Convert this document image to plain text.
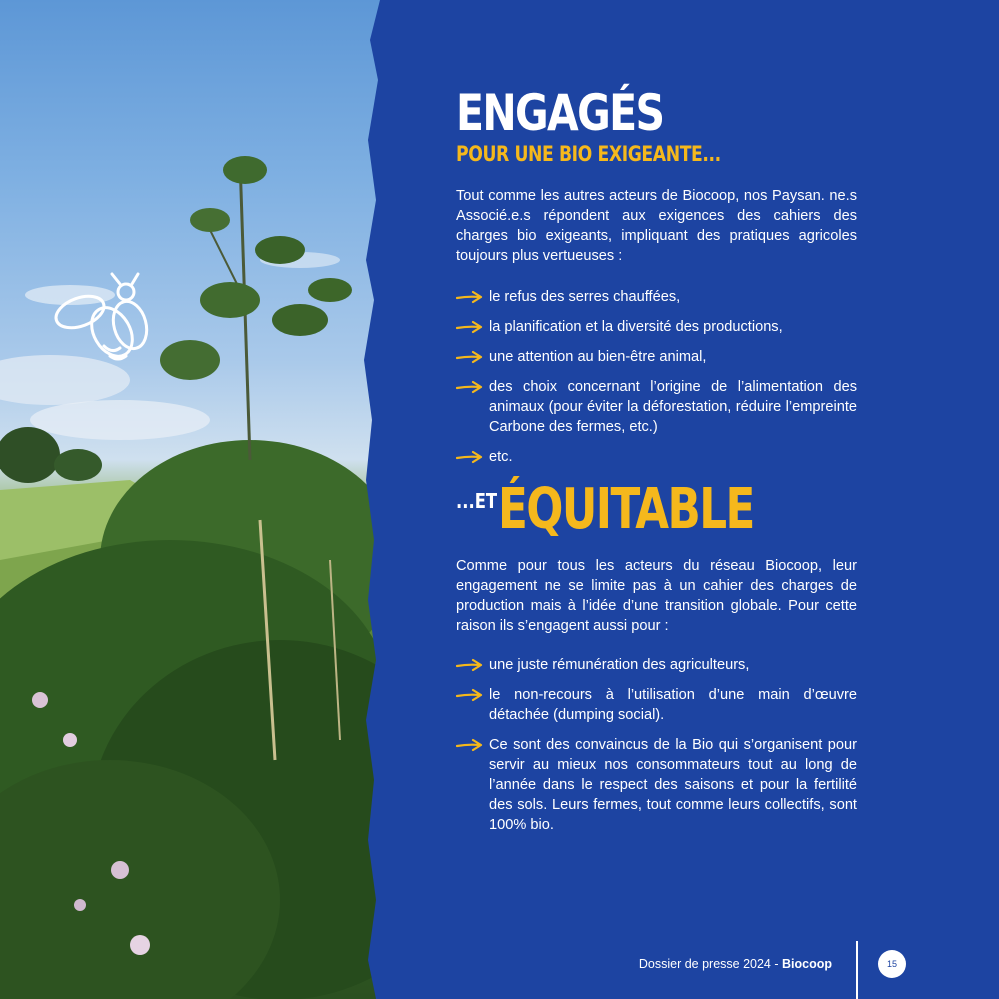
ENGAGÉS
POUR UNE BIO EXIGEANTE...

Tout comme les autres acteurs de Biocoop, nos Paysan. ne.s Associé.e.s répondent aux exigences des cahiers des charges bio exigeants, impliquant des pratiques agricoles toujours plus vertueuses :

le refus des serres chauffées,
la planification et la diversité des productions,
une attention au bien-être animal,
des choix concernant l’origine de l’alimentation des animaux (pour éviter la déforestation, réduire l’empreinte Carbone des fermes, etc.)
etc.
...ET ÉQUITABLE

Comme pour tous les acteurs du réseau Biocoop, leur engagement ne se limite pas à un cahier des charges de production mais à l’idée d’une transition globale. Pour cette raison ils s’engagent aussi pour :

une juste rémunération des agriculteurs,
le non-recours à l’utilisation d’une main d’œuvre détachée (dumping social).
Ce sont des convaincus de la Bio qui s’organisent pour servir au mieux nos consommateurs tout au long de l’année dans le respect des saisons et pour la fertilité des sols. Leurs fermes, tout comme leurs collectifs, sont 100% bio.
Dossier de presse 2024 - Biocoop	15
